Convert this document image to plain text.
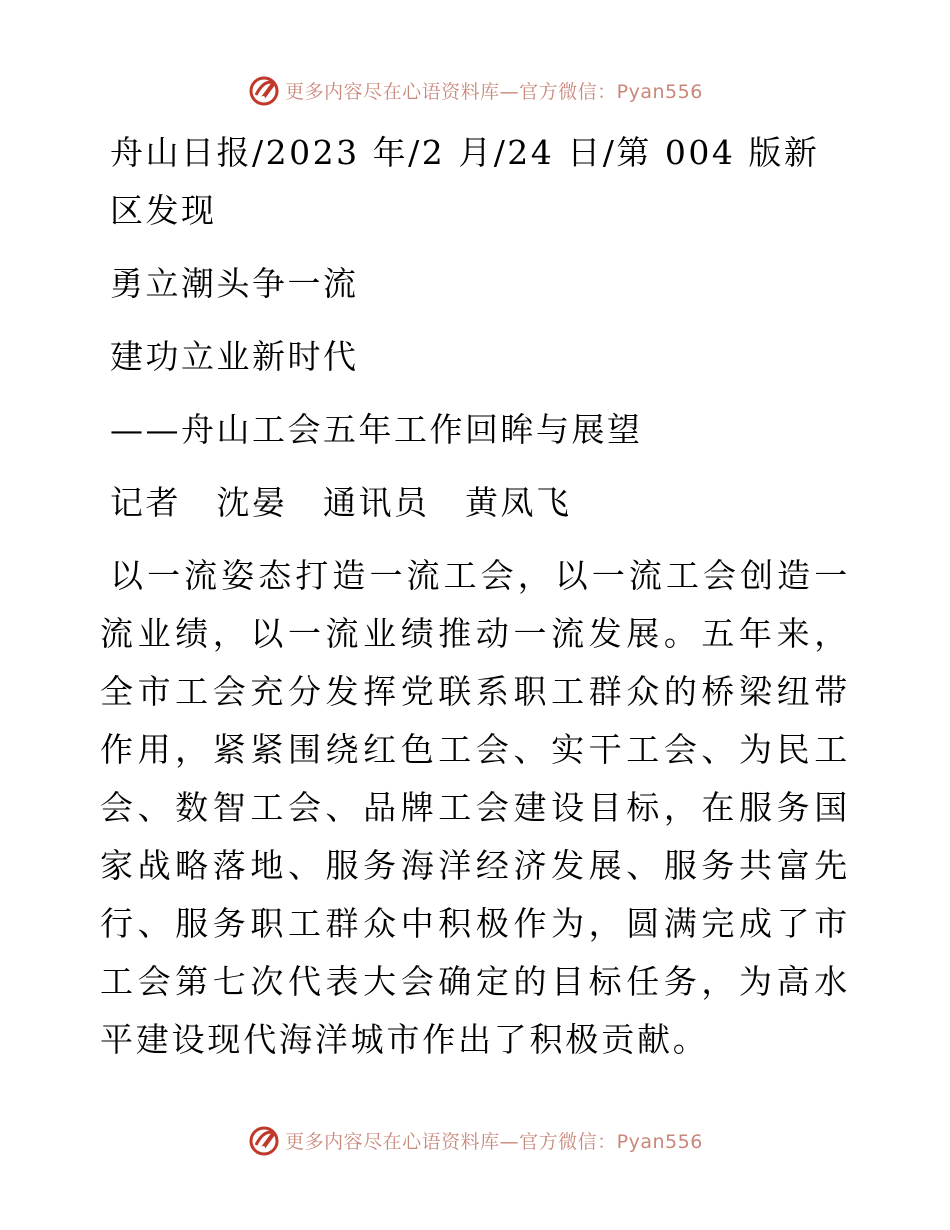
更多内容尽在心语资料库—官方微信：Pyan556

舟山日报/2023 年/2 月/24 日/第 004 版新区发现

勇立潮头争一流

建功立业新时代

——舟山工会五年工作回眸与展望

记者　沈晏　通讯员　黄凤飞

以一流姿态打造一流工会，以一流工会创造一流业绩，以一流业绩推动一流发展。五年来，全市工会充分发挥党联系职工群众的桥梁纽带作用，紧紧围绕红色工会、实干工会、为民工会、数智工会、品牌工会建设目标，在服务国家战略落地、服务海洋经济发展、服务共富先行、服务职工群众中积极作为，圆满完成了市工会第七次代表大会确定的目标任务，为高水平建设现代海洋城市作出了积极贡献。

更多内容尽在心语资料库—官方微信：Pyan556
